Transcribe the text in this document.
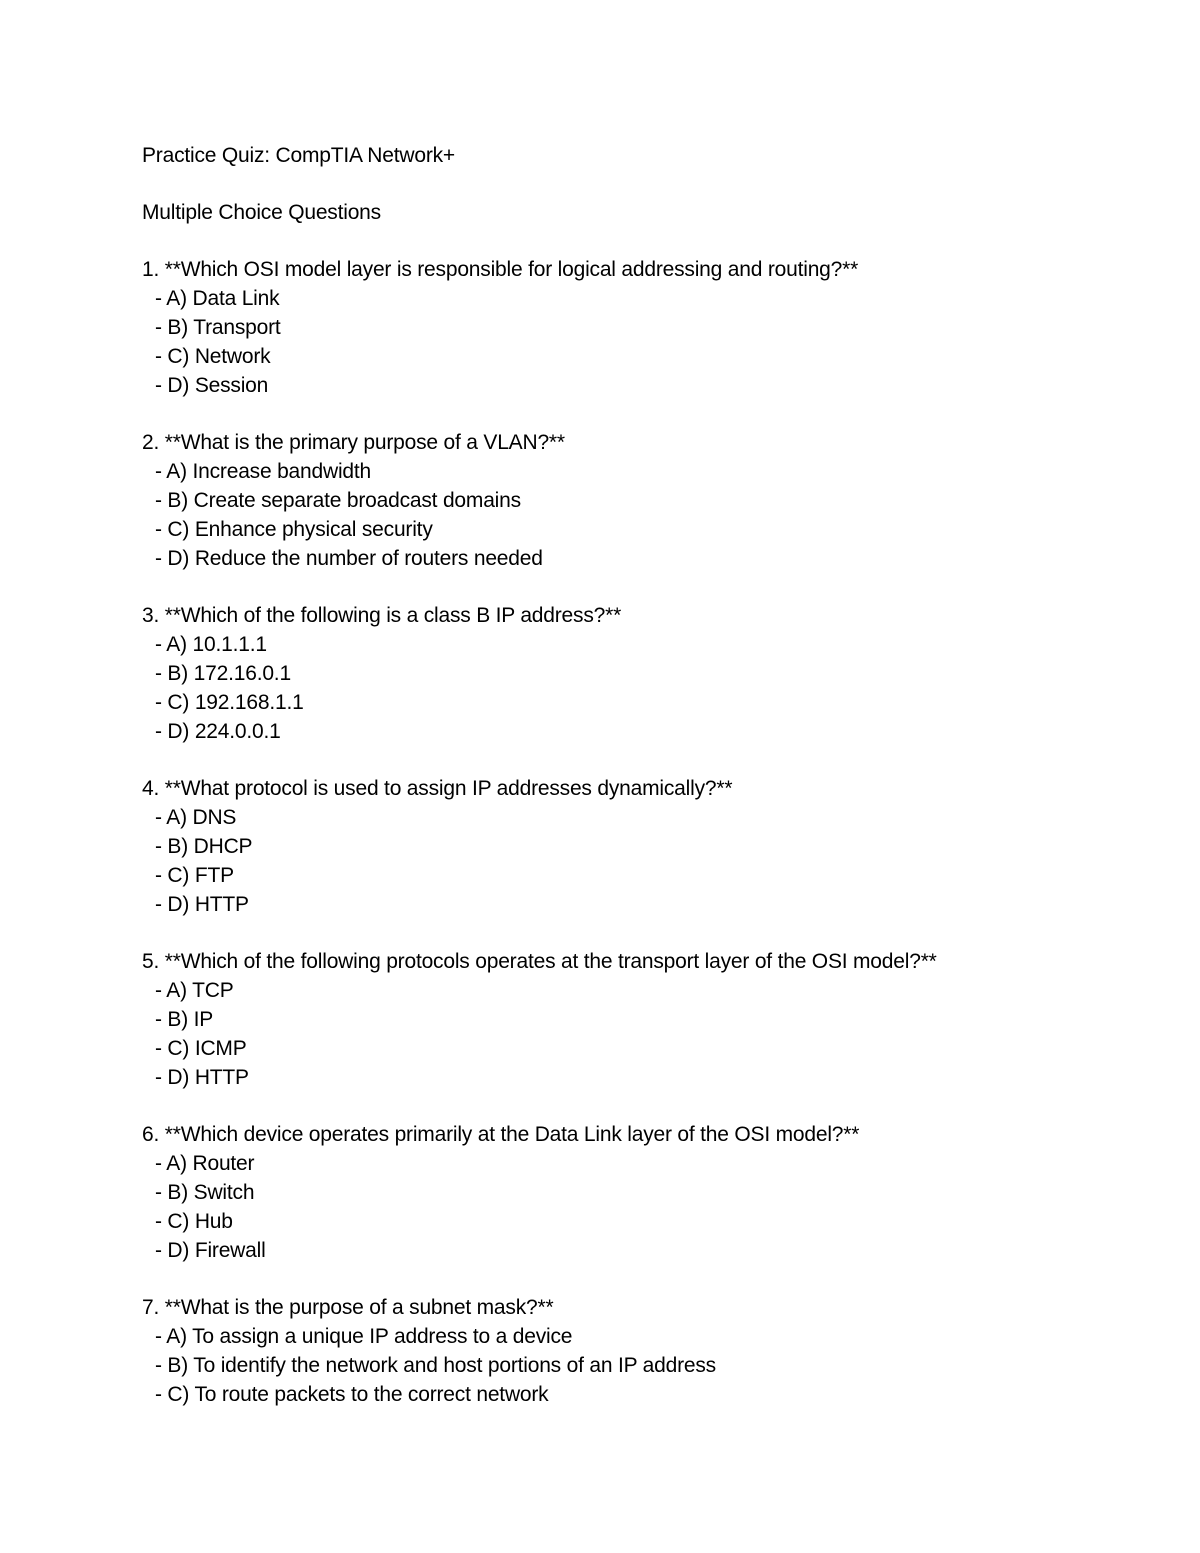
Practice Quiz: CompTIA Network+
Multiple Choice Questions
1. **Which OSI model layer is responsible for logical addressing and routing?**
- A) Data Link
- B) Transport
- C) Network
- D) Session
2. **What is the primary purpose of a VLAN?**
- A) Increase bandwidth
- B) Create separate broadcast domains
- C) Enhance physical security
- D) Reduce the number of routers needed
3. **Which of the following is a class B IP address?**
- A) 10.1.1.1
- B) 172.16.0.1
- C) 192.168.1.1
- D) 224.0.0.1
4. **What protocol is used to assign IP addresses dynamically?**
- A) DNS
- B) DHCP
- C) FTP
- D) HTTP
5. **Which of the following protocols operates at the transport layer of the OSI model?**
- A) TCP
- B) IP
- C) ICMP
- D) HTTP
6. **Which device operates primarily at the Data Link layer of the OSI model?**
- A) Router
- B) Switch
- C) Hub
- D) Firewall
7. **What is the purpose of a subnet mask?**
- A) To assign a unique IP address to a device
- B) To identify the network and host portions of an IP address
- C) To route packets to the correct network
